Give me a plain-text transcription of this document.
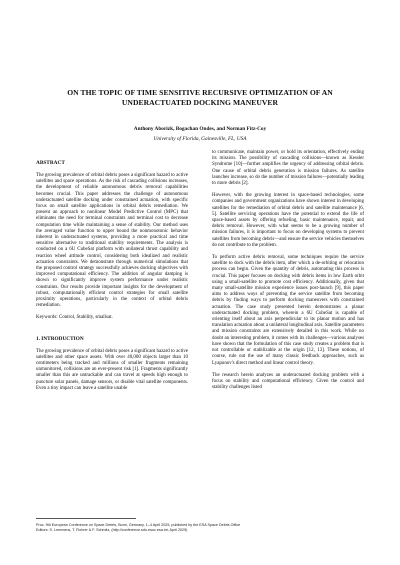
ON THE TOPIC OF TIME SENSITIVE RECURSIVE OPTIMIZATION OF AN
UNDERACTUATED DOCKING MANEUVER
Anthony Aborizk, Bogachan Ondes, and Norman Fitz-Coy
University of Florida, Gainesville, FL, USA

ABSTRACT

The growing prevalence of orbital debris poses a significant hazard to active satellites and space operations. As the risk of cascading collisions increases, the development of reliable autonomous debris removal capabilities becomes crucial. This paper addresses the challenge of autonomous underactuated satellite docking under constrained actuation, with specific focus on small satellite applications in orbital debris remediation. We present an approach to nonlinear Model Predictive Control (MPC) that eliminates the need for terminal constraints and terminal cost to decrease computation time while maintaining a sense of stability. Our method uses the averaged value function to upper bound the nonmonotonic behavior inherent in underactuated systems, providing a more practical and time sensitive alternative to traditional stability requirements. The analysis is conducted on a 6U CubeSat platform with unilateral thrust capability and reaction wheel attitude control, considering both idealized and realistic actuation constraints. We demonstrate through numerical simulations that the proposed control strategy successfully achieves docking objectives with improved computational efficiency. The addition of angular damping is shown to significantly improve system performance under realistic constraints. Our results provide important insights for the development of robust, computationally efficient control strategies for small satellite proximity operations, particularly in the context of orbital debris remediation.

Keywords: Control, Stability, smallsat.

1. INTRODUCTION

The growing prevalence of orbital debris poses a significant hazard to active satellites and other space assets. With over 40,000 objects larger than 10 centimeters being tracked and millions of smaller fragments remaining unmonitored, collisions are an ever-present risk [1]. Fragments significantly smaller than this are untrackable and can travel at speeds high enough to puncture solar panels, damage sensors, or disable vital satellite components. Even a tiny impact can leave a satellite unable

to communicate, maintain power, or hold its orientation, effectively ending its mission. The possibility of cascading collisions—known as Kessler Syndrome [10]—further amplifies the urgency of addressing orbital debris. One cause of orbital debris generation is mission failures. As satellite launches increase, so do the number of mission failures—potentially leading to more debris [2].

However, with the growing interest in space-based technologies, some companies and government organizations have shown interest in developing satellites for the remediation of orbital debris and satellite maintenance [6, 5]. Satellite servicing operations have the potential to extend the life of space-based assets by offering refueling, basic maintenance, repair, and debris removal. However, with what seems to be a growing number of mission failures, it is important to focus on developing systems to prevent satellites from becoming debris—and ensure the service vehicles themselves do not contribute to the problem.

To perform active debris removal, some techniques require the service satellite to dock with the debris item, after which a de-orbiting or relocation process can begin. Given the quantity of debris, automating this process is crucial. This paper focuses on docking with debris items in low Earth orbit using a small-satellite to promote cost efficiency. Additionally, given that many small-satellite mission experience issues post-launch [9], this paper aims to address ways of preventing the service satellite from becoming debris by finding ways to perform docking maneuvers with constrained actuation. The case study presented herein demonstrates a planar underactuated docking problem, wherein a 6U CubeSat is capable of orienting itself about an axis perpendicular to its planar motion and has translation actuation about a unilateral longitudinal axis. Satellite parameters and mission constraints are extensively detailed in this work. While no doubt an interesting problem, it comes with its challenges—various analyses have shown that the formulation of this case study creates a problem that is not controllable or stabilizable at the origin [12, 13]. These notions, of course, rule out the use of many classic feedback approaches, such as Lyapunov's direct method and linear control theory.

The research herein analyzes an underactuated docking problem with a focus on stability and computational efficiency. Given the control and stability challenges listed

Proc. 9th European Conference on Space Debris, Bonn, Germany, 1–4 April 2025, published by the ESA Space Debris Office
Editors: S. Lemmens, T. Flohrer & F. Schmitz, (http://conference.sdo.esoc.esa.int, April 2025)
